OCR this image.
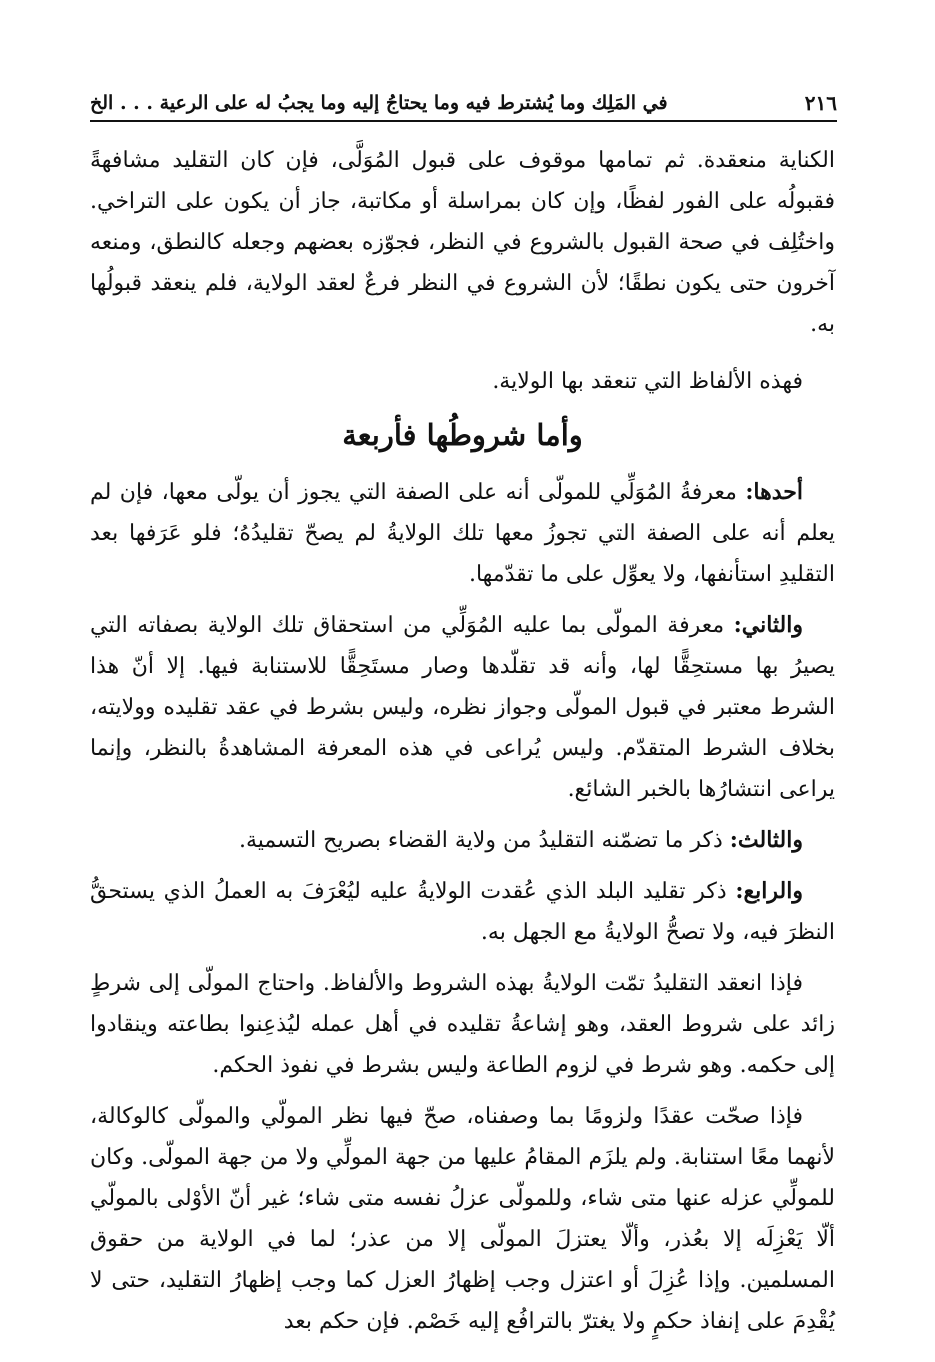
٢١٦
في المَلِك وما يُشترط فيه وما يحتاجُ إليه وما يجبُ له على الرعية . . . الخ

الكناية منعقدة. ثم تمامها موقوف على قبول المُوَلَّى، فإن كان التقليد مشافهةً فقبولُه على الفور لفظًا، وإن كان بمراسلة أو مكاتبة، جاز أن يكون على التراخي. واختُلِف في صحة القبول بالشروع في النظر، فجوّزه بعضهم وجعله كالنطق، ومنعه آخرون حتى يكون نطقًا؛ لأن الشروع في النظر فرعٌ لعقد الولاية، فلم ينعقد قبولُها به.

فهذه الألفاظ التي تنعقد بها الولاية.

وأما شروطُها فأربعة

أحدها: معرفةُ المُوَلِّي للمولّى أنه على الصفة التي يجوز أن يولّى معها، فإن لم يعلم أنه على الصفة التي تجوزُ معها تلك الولايةُ لم يصحّ تقليدُهُ؛ فلو عَرَفها بعد التقليدِ استأنفها، ولا يعوِّل على ما تقدّمها.

والثاني: معرفة المولّى بما عليه المُوَلِّي من استحقاق تلك الولاية بصفاته التي يصيرُ بها مستحِقًّا لها، وأنه قد تقلّدها وصار مستَحِقًّا للاستنابة فيها. إلا أنّ هذا الشرط معتبر في قبول المولّى وجواز نظره، وليس بشرط في عقد تقليده وولايته، بخلاف الشرط المتقدّم. وليس يُراعى في هذه المعرفة المشاهدةُ بالنظر، وإنما يراعى انتشارُها بالخبر الشائع.

والثالث: ذكر ما تضمّنه التقليدُ من ولاية القضاء بصريح التسمية.

والرابع: ذكر تقليد البلد الذي عُقدت الولايةُ عليه ليُعْرَفَ به العملُ الذي يستحقُّ النظرَ فيه، ولا تصحُّ الولايةُ مع الجهل به.

فإذا انعقد التقليدُ تمّت الولايةُ بهذه الشروط والألفاظ. واحتاج المولّى إلى شرطٍ زائد على شروط العقد، وهو إشاعةُ تقليده في أهل عمله ليُذعِنوا بطاعته وينقادوا إلى حكمه. وهو شرط في لزوم الطاعة وليس بشرط في نفوذ الحكم.

فإذا صحّت عقدًا ولزومًا بما وصفناه، صحّ فيها نظر المولّي والمولّى كالوكالة، لأنهما معًا استنابة. ولم يلزَم المقامُ عليها من جهة المولِّي ولا من جهة المولّى. وكان للمولِّي عزله عنها متى شاء، وللمولّى عزلُ نفسه متى شاء؛ غير أنّ الأوْلى بالمولّي ألّا يَعْزِلَه إلا بعُذر، وألّا يعتزلَ المولّى إلا من عذر؛ لما في الولاية من حقوق المسلمين. وإذا عُزِلَ أو اعتزل وجب إظهارُ العزل كما وجب إظهارُ التقليد، حتى لا يُقْدِمَ على إنفاذ حكمٍ ولا يغترّ بالترافُع إليه خَصْم. فإن حكم بعد
